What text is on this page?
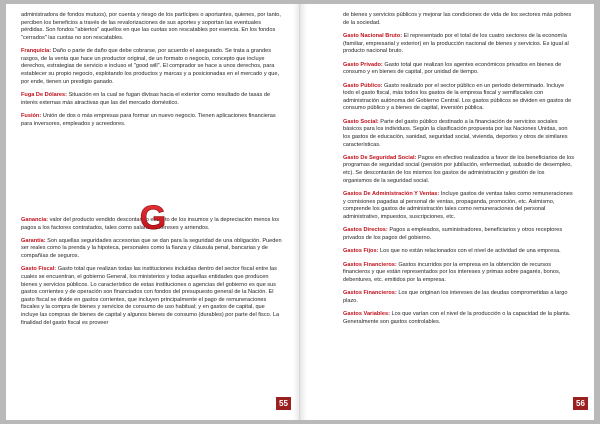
administradora de fondos mutuos), por cuenta y riesgo de los partícipes o aportantes, quienes, por tanto, perciben los beneficios a través de las revalorizaciones de sus aportes y soportan las eventuales pérdidas. Son fondos "abiertos" aquellos en que las cuotas son rescatables por esencia. En los fondos "cerrados" las cuotas no son rescatables.

Franquicia: Daño o parte de daño que debe cobrarse, por acuerdo el asegurado. Se trata a grandes rasgos, de la venta que hace un productor original, de un formato o negocio, concepto que incluye derechos, estrategias de servicio e incluso el "good will". El comprador se hace a unos derechos, para establecer su propio negocio, explotando los productos y marcas y a posicionadas en el mercado y que, por ende, tienen un prestigio ganado.

Fuga De Dólares: Situación en la cual se fugan divisas hacia el exterior como resultado de tasas de interés externas más atractivas que las del mercado doméstico.

Fusión: Unión de dos o más empresas para formar un nuevo negocio. Tienen aplicaciones financieras para inversores, empleados y acreedores.

Ganancia: valor del producto vendido descontando el costo de los insumos y la depreciación menos los pagos a los factores contratados, tales como salarios, intereses y arriendos.

Garantía: Son aquellas seguridades accesorias que se dan para la seguridad de una obligación. Pueden ser reales como la prenda y la hipoteca, personales como la fianza y cláusula penal, bancarias y de compañías de seguros.

Gasto Fiscal: Gasto total que realizan todas las instituciones incluidas dentro del sector fiscal entre las cuales se encuentran, el gobierno General, los ministerios y todas aquellas entidades que producen bienes y servicios públicos. Lo característico de estas instituciones o agencias del gobierno es que sus gastos corrientes y de operación son financiados con fondos del presupuesto general de la Nación. El gasto fiscal se divide en gastos corrientes, que incluyen principalmente el pago de remuneraciones fiscales y la compra de bienes y servicios de consumo de uso habitual; y en gastos de capital, que incluye las compras de bienes de capital y algunos bienes de consumo (durables) por parte del fisco. La finalidad del gasto fiscal es proveer

G
55

de bienes y servicios públicos y mejorar las condiciones de vida de los sectores más pobres de la sociedad.

Gasto Nacional Bruto: El representado por el total de los cuatro sectores de la economía (familiar, empresarial y exterior) en la producción nacional de bienes y servicios. Es igual al producto nacional bruto.

Gasto Privado: Gasto total que realizan los agentes económicos privados en bienes de consumo y en bienes de capital, por unidad de tiempo.

Gasto Público: Gasto realizado por el sector público en un periodo determinado. Incluye todo el gasto fiscal, más todos los gastos de la empresa fiscal y semifiscales con administración autónoma del Gobierno Central. Los gastos públicos se dividen en gastos de consumo público y a bienes de capital, inversión pública.

Gasto Social: Parte del gasto público destinado a la financiación de servicios sociales básicos para los individuos. Según la clasificación propuesta por las Naciones Unidas, son los gastos de educación, sanidad, seguridad social, vivienda, deportes y otros de similares características.

Gasto De Seguridad Social: Pagos en efectivo realizados a favor de los beneficiarios de los programas de seguridad social (pensión por jubilación, enfermedad, subsidio de desempleo, etc). Se descontarán de los mismos los gastos de administración y gestión de los organismos de la seguridad social.

Gastos De Administración Y Ventas: Incluye gastos de ventas tales como remuneraciones y comisiones pagadas al personal de ventas, propaganda, promoción, etc. Asimismo, comprende los gastos de administración tales como remuneraciones del personal administrativo, impuestos, suscripciones, etc.

Gastos Directos: Pagos a empleados, suministradores, beneficiarios y otros receptores privados de los pagos del gobierno.

Gastos Fijos: Los que no están relacionados con el nivel de actividad de una empresa.

Gastos Financieros: Gastos incurridos por la empresa en la obtención de recursos financieros y que están representados por los intereses y primas sobre pagarés, bonos, debentures, etc. emitidos por la empresa.

Gastos Financieros: Los que originan los intereses de las deudas comprometidas a largo plazo.

Gastos Variables: Los que varían con el nivel de la producción o la capacidad de la planta. Generalmente son gastos controlables.

56
